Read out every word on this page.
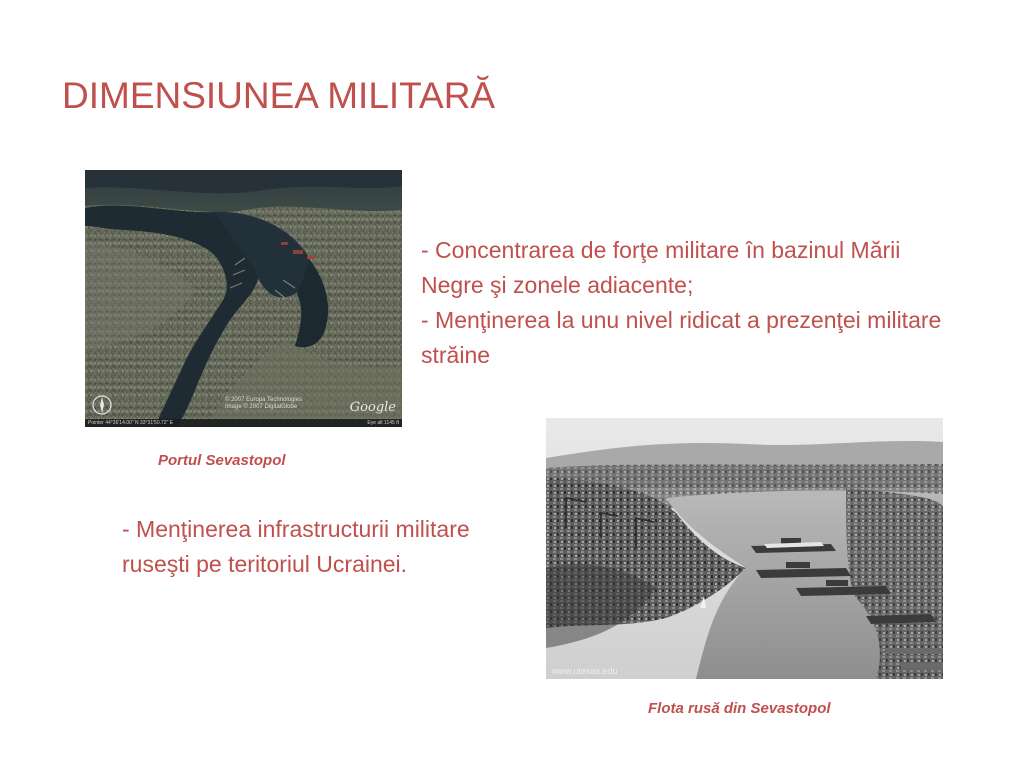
DIMENSIUNEA MILITARĂ
Google
© 2007 Europa Technologies
Image © 2007 DigitalGlobe
Pointer 44°36'14.00" N 33°31'50.72" E	Eye alt 1145 ft
Portul Sevastopol

- Concentrarea de forţe militare în bazinul Mării Negre şi zonele adiacente;

- Menţinerea la unu nivel ridicat a prezenţei militare străine

- Menţinerea infrastructurii militare ruseşti pe teritoriul Ucrainei.

www.utexas.edu
Flota rusă din Sevastopol
